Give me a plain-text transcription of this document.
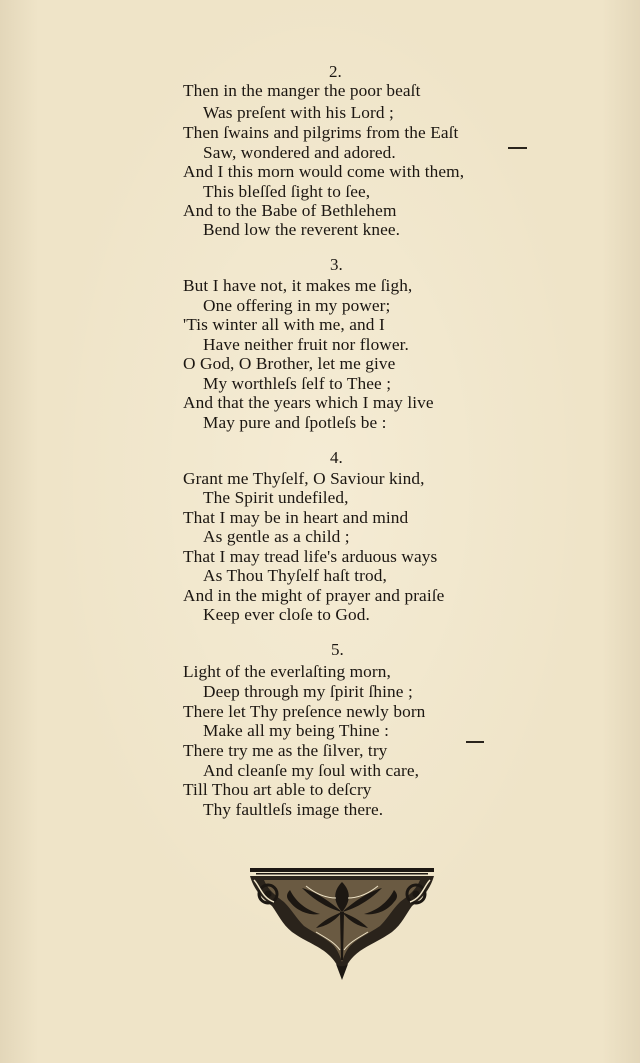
2.
Then in the manger the poor beaſt
Was preſent with his Lord ;
Then ſwains and pilgrims from the Eaſt
Saw, wondered and adored.
And I this morn would come with them,
This bleſſed ſight to ſee,
And to the Babe of Bethlehem
Bend low the reverent knee.
3.
But I have not, it makes me ſigh,
One offering in my power;
'Tis winter all with me, and I
Have neither fruit nor flower.
O God, O Brother, let me give
My worthleſs ſelf to Thee ;
And that the years which I may live
May pure and ſpotleſs be :
4.
Grant me Thyſelf, O Saviour kind,
The Spirit undefiled,
That I may be in heart and mind
As gentle as a child ;
That I may tread life's arduous ways
As Thou Thyſelf haſt trod,
And in the might of prayer and praiſe
Keep ever cloſe to God.
5.
Light of the everlaſting morn,
Deep through my ſpirit ſhine ;
There let Thy preſence newly born
Make all my being Thine :
There try me as the ſilver, try
And cleanſe my ſoul with care,
Till Thou art able to deſcry
Thy faultleſs image there.
